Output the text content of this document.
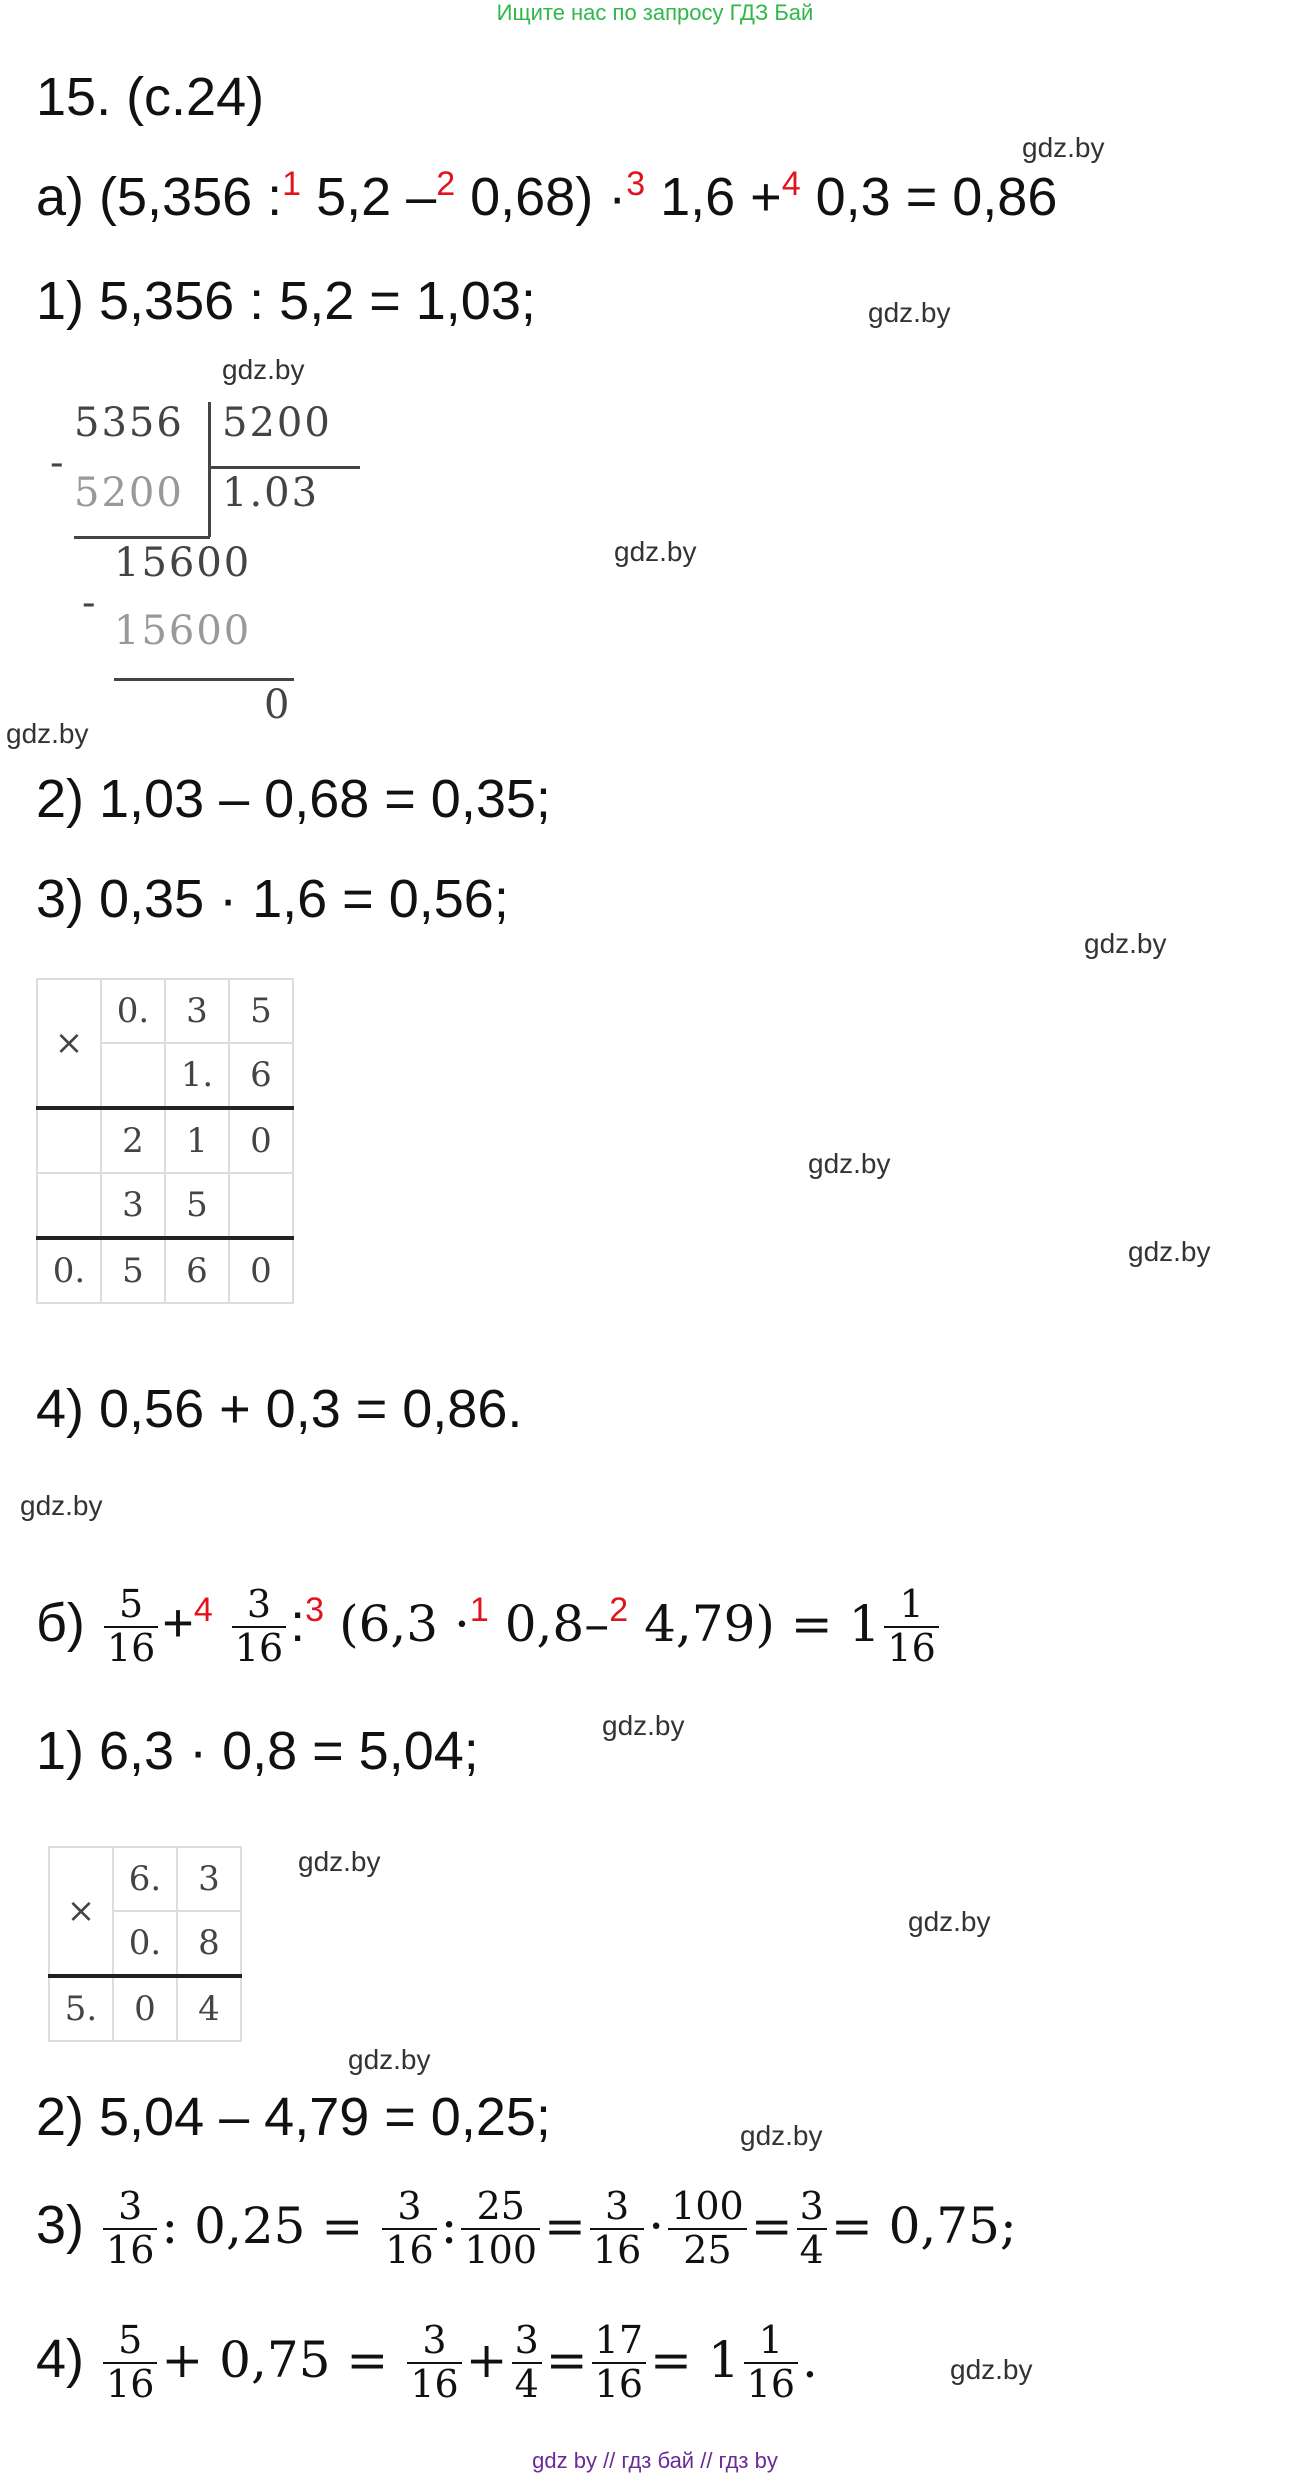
Ищите нас по запросу ГДЗ Бай
15. (с.24)
а) (5,356 :$^1$ 5,2 –$^2$ 0,68) ·$^3$ 1,6 +$^4$ 0,3 = 0,86
1) 5,356 : 5,2 = 1,03;
5356 5200
-
5200 1.03
15600
-
15600
0
2) 1,03 – 0,68 = 0,35;
3) 0,35 · 1,6 = 0,56;
×	0.	3	5
		1.	6
	2	1	0
	3	5	
0.	5	6	0
4) 0,56 + 0,3 = 0,86.
$б) \frac{5}{16} +^4 \frac{3}{16}$ :$^3$ (6,3 ·$^1$ 0,8–$^2$ $4,79) = 1 \frac{1}{16}$
1) 6,3 · 0,8 = 5,04;
×	6.	3
	0.	8
5.	0	4
2) 5,04 – 4,79 = 0,25;
$3) \frac{3}{16}$ : $0,25 = \frac{3}{16}$ : $\frac{25}{100} = \frac{3}{16} \cdot \frac{100}{25} = \frac{3}{4} = 0,75$;
$4) \frac{5}{16} + 0,75 = \frac{3}{16} + \frac{3}{4} = \frac{17}{16} = 1 \frac{1}{16}$ .
gdz.by
gdz.by
gdz.by
gdz.by
gdz.by
gdz.by
gdz.by
gdz.by
gdz.by
gdz.by
gdz.by
gdz.by
gdz.by
gdz.by
gdz.by
gdz by // гдз бай // гдз by
